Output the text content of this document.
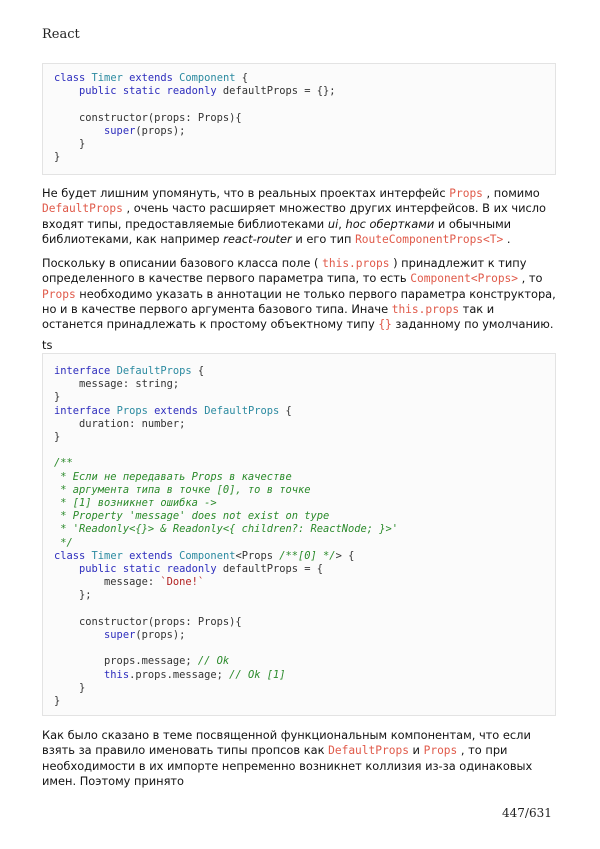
React
class Timer extends Component {
public static readonly defaultProps = {};

constructor(props: Props){
super(props);
}
}

Не будет лишним упомянуть, что в реальных проектах интерфейс Props , помимо DefaultProps , очень часто расширяет множество других интерфейсов. В их число входят типы, предоставляемые библиотеками ui, hoc обертками и обычными библиотеками, как например react-router и его тип RouteComponentProps<T> .

Поскольку в описании базового класса поле ( this.props ) принадлежит к типу определенного в качестве первого параметра типа, то есть Component<Props> , то Props необходимо указать в аннотации не только первого параметра конструктора, но и в качестве первого аргумента базового типа. Иначе this.props так и останется принадлежать к простому объектному типу {} заданному по умолчанию.

ts
interface DefaultProps {
message: string;
}
interface Props extends DefaultProps {
duration: number;
}

/**
* Если не передавать Props в качестве
* аргумента типа в точке [0], то в точке
* [1] возникнет ошибка ->
* Property 'message' does not exist on type
* 'Readonly<{}> & Readonly<{ children?: ReactNode; }>'
*/
class Timer extends Component<Props /**[0] */> {
public static readonly defaultProps = {
message: `Done!`
};

constructor(props: Props){
super(props);

props.message; // Ok
this.props.message; // Ok [1]
}
}

Как было сказано в теме посвященной функциональным компонентам, что если взять за правило именовать типы пропсов как DefaultProps и Props , то при необходимости в их импорте непременно возникнет коллизия из-за одинаковых имен. Поэтому принято

447/631
